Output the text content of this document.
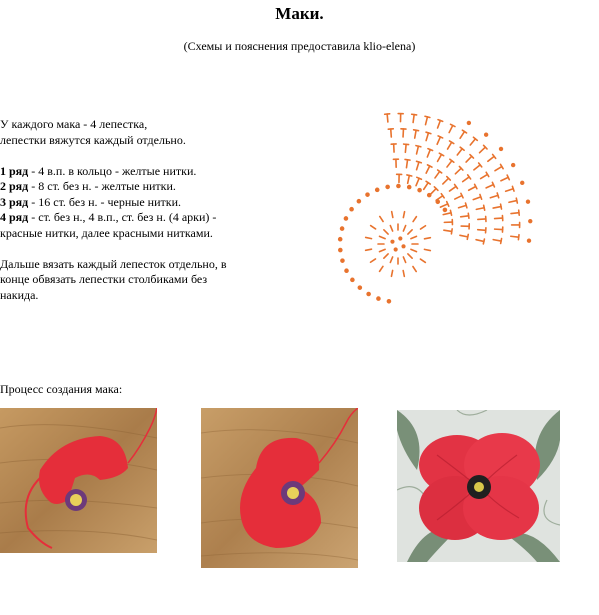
Маки.
(Схемы и пояснения предоставила klio-elena)

У каждого мака - 4 лепестка,

лепестки вяжутся каждый отдельно.

1 ряд - 4 в.п. в кольцо - желтые нитки.

2 ряд - 8 ст. без н. - желтые нитки.

3 ряд - 16 ст. без н. - черные нитки.

4 ряд - ст. без н., 4 в.п., ст. без н. (4 арки) -

красные нитки, далее красными нитками.

Дальше вязать каждый лепесток отдельно, в

конце обвязать лепестки столбиками без

накида.

Процесс создания мака:
